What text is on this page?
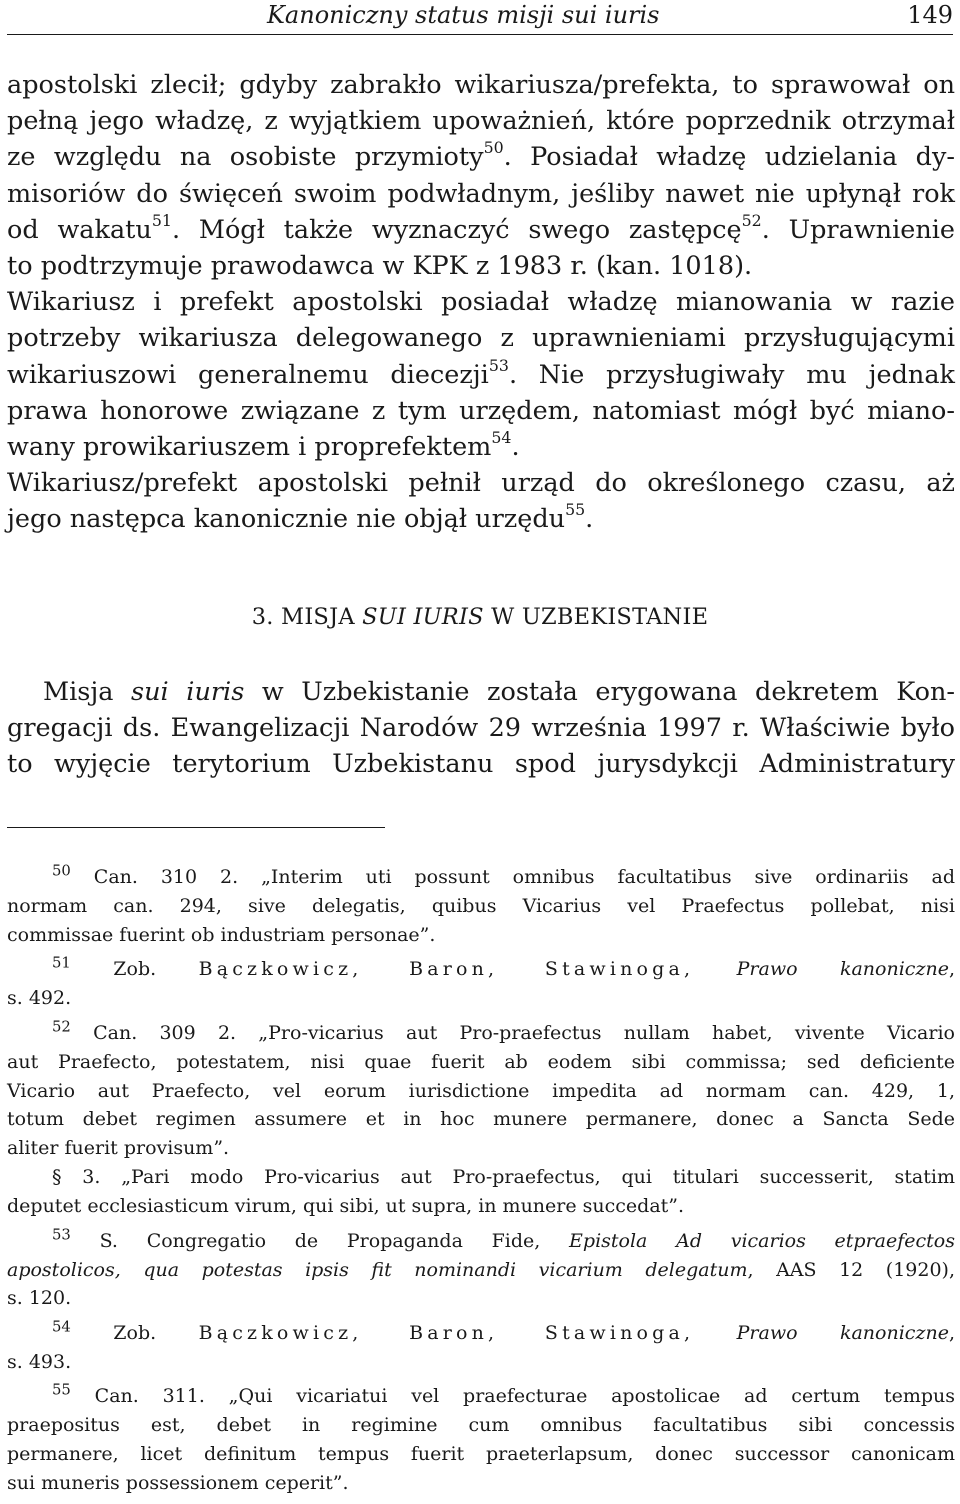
Kanoniczny status misji sui iuris	149
apostolski zlecił; gdyby zabrakło wikariusza/prefekta, to sprawował on
pełną jego władzę, z wyjątkiem upoważnień, które poprzednik otrzymał
ze względu na osobiste przymioty$^{50}$. Posiadał władzę udzielania dy-
misoriów do święceń swoim podwładnym, jeśliby nawet nie upłynął rok
od wakatu$^{51}$. Mógł także wyznaczyć swego zastępcę$^{52}$. Uprawnienie
to podtrzymuje prawodawca w KPK z 1983 r. (kan. 1018).
Wikariusz i prefekt apostolski posiadał władzę mianowania w razie
potrzeby wikariusza delegowanego z uprawnieniami przysługującymi
wikariuszowi generalnemu diecezji$^{53}$. Nie przysługiwały mu jednak
prawa honorowe związane z tym urzędem, natomiast mógł być miano-
wany prowikariuszem i proprefektem$^{54}$.
Wikariusz/prefekt apostolski pełnił urząd do określonego czasu, aż
jego następca kanonicznie nie objął urzędu$^{55}$.
3. MISJA SUI IURIS W UZBEKISTANIE
Misja sui iuris w Uzbekistanie została erygowana dekretem Kon-
gregacji ds. Ewangelizacji Narodów 29 września 1997 r. Właściwie było
to wyjęcie terytorium Uzbekistanu spod jurysdykcji Administratury
$^{50}$ Can. 310 2. „Interim uti possunt omnibus facultatibus sive ordinariis ad
normam can. 294, sive delegatis, quibus Vicarius vel Praefectus pollebat, nisi
commissae fuerint ob industriam personae”.
$^{51}$ Zob. Bączkowicz, Baron, Stawinoga, Prawo kanoniczne,
s. 492.
$^{52}$ Can. 309 2. „Pro-vicarius aut Pro-praefectus nullam habet, vivente Vicario
aut Praefecto, potestatem, nisi quae fuerit ab eodem sibi commissa; sed deficiente
Vicario aut Praefecto, vel eorum iurisdictione impedita ad normam can. 429, 1,
totum debet regimen assumere et in hoc munere permanere, donec a Sancta Sede
aliter fuerit provisum”.
§ 3. „Pari modo Pro-vicarius aut Pro-praefectus, qui titulari successerit, statim
deputet ecclesiasticum virum, qui sibi, ut supra, in munere succedat”.
$^{53}$ S. Congregatio de Propaganda Fide, Epistola Ad vicarios etpraefectos
apostolicos, qua potestas ipsis fit nominandi vicarium delegatum, AAS 12 (1920),
s. 120.
$^{54}$ Zob. Bączkowicz, Baron, Stawinoga, Prawo kanoniczne,
s. 493.
$^{55}$ Can. 311. „Qui vicariatui vel praefecturae apostolicae ad certum tempus
praepositus est, debet in regimine cum omnibus facultatibus sibi concessis
permanere, licet definitum tempus fuerit praeterlapsum, donec successor canonicam
sui muneris possessionem ceperit”.
